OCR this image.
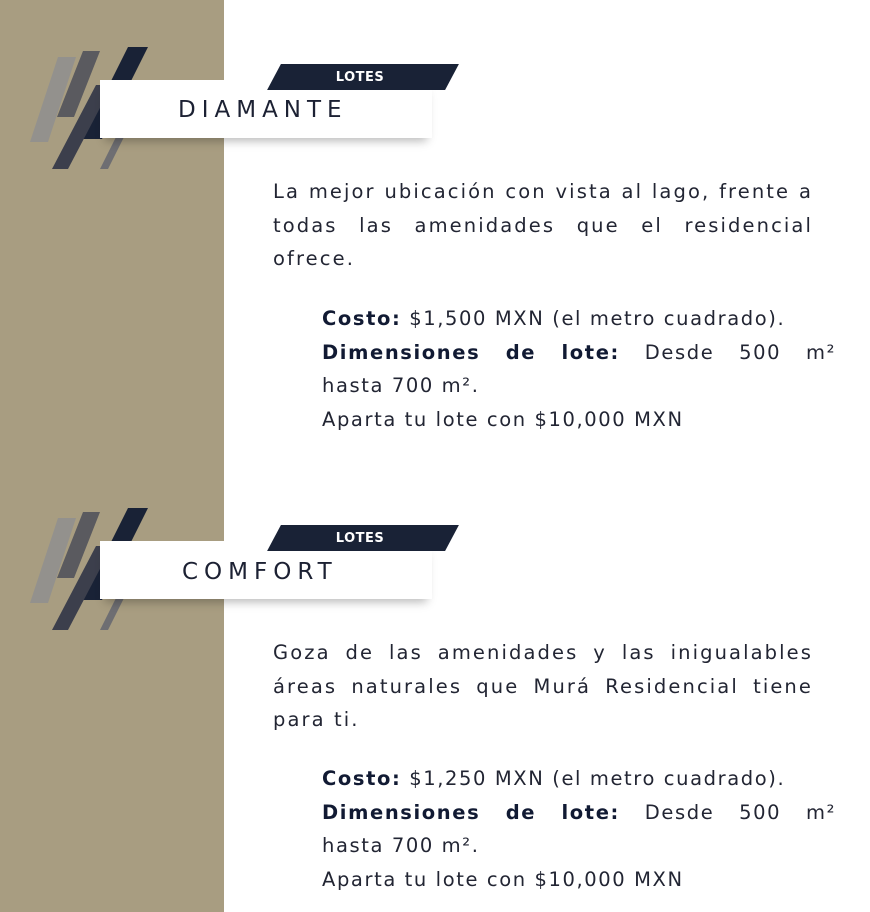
LOTES
DIAMANTE

La mejor ubicación con vista al lago, frente a todas las amenidades que el residencial ofrece.

Costo: $1,500 MXN (el metro cuadrado).
Dimensiones de lote: Desde 500 m²
hasta 700 m².
Aparta tu lote con $10,000 MXN
LOTES
COMFORT

Goza de las amenidades y las inigualables áreas naturales que Murá Residencial tiene para ti.

Costo: $1,250 MXN (el metro cuadrado).
Dimensiones de lote: Desde 500 m²
hasta 700 m².
Aparta tu lote con $10,000 MXN
